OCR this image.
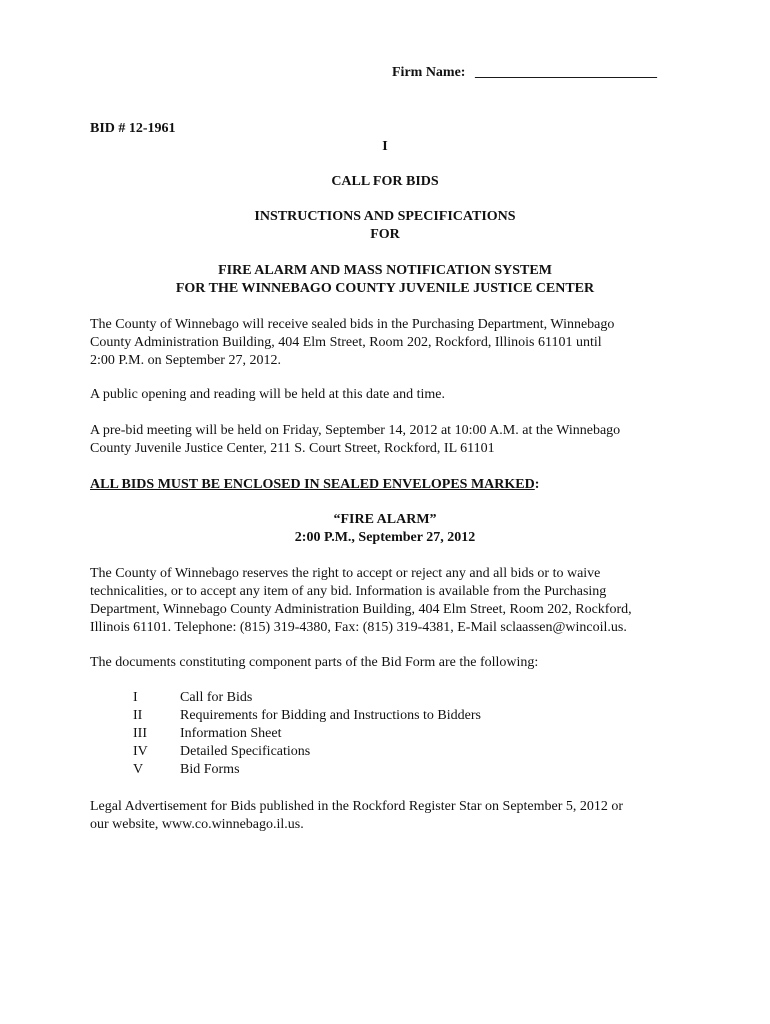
Firm Name: __________________________
BID # 12-1961
I
CALL FOR BIDS
INSTRUCTIONS AND SPECIFICATIONS
FOR
FIRE ALARM AND MASS NOTIFICATION SYSTEM
FOR THE WINNEBAGO COUNTY JUVENILE JUSTICE CENTER

The County of Winnebago will receive sealed bids in the Purchasing Department, Winnebago

County Administration Building, 404 Elm Street, Room 202, Rockford, Illinois 61101 until

2:00 P.M. on September 27, 2012.

A public opening and reading will be held at this date and time.

A pre-bid meeting will be held on Friday, September 14, 2012 at 10:00 A.M. at the Winnebago

County Juvenile Justice Center, 211 S. Court Street, Rockford, IL 61101

ALL BIDS MUST BE ENCLOSED IN SEALED ENVELOPES MARKED:
“FIRE ALARM”
2:00 P.M., September 27, 2012

The County of Winnebago reserves the right to accept or reject any and all bids or to waive

technicalities, or to accept any item of any bid. Information is available from the Purchasing

Department, Winnebago County Administration Building, 404 Elm Street, Room 202, Rockford,

Illinois 61101. Telephone: (815) 319-4380, Fax: (815) 319-4381, E-Mail sclaassen@wincoil.us.

The documents constituting component parts of the Bid Form are the following:

I	Call for Bids
II	Requirements for Bidding and Instructions to Bidders
III	Information Sheet
IV	Detailed Specifications
V	Bid Forms

Legal Advertisement for Bids published in the Rockford Register Star on September 5, 2012 or

our website, www.co.winnebago.il.us.
